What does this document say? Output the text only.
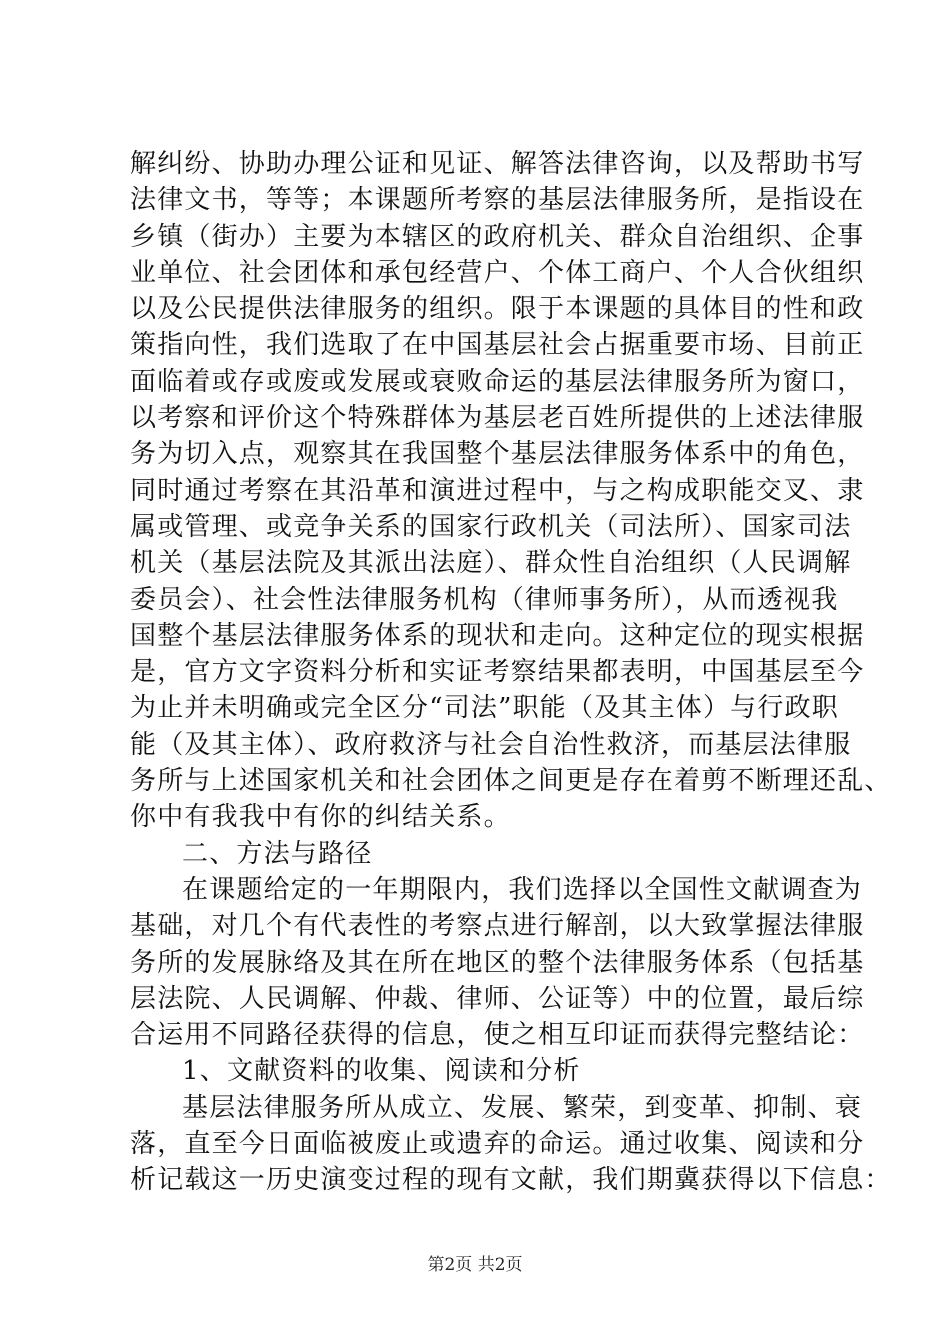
解纠纷、协助办理公证和见证、解答法律咨询，以及帮助书写
法律文书，等等；本课题所考察的基层法律服务所，是指设在
乡镇（街办）主要为本辖区的政府机关、群众自治组织、企事
业单位、社会团体和承包经营户、个体工商户、个人合伙组织
以及公民提供法律服务的组织。限于本课题的具体目的性和政
策指向性，我们选取了在中国基层社会占据重要市场、目前正
面临着或存或废或发展或衰败命运的基层法律服务所为窗口，
以考察和评价这个特殊群体为基层老百姓所提供的上述法律服
务为切入点，观察其在我国整个基层法律服务体系中的角色，
同时通过考察在其沿革和演进过程中，与之构成职能交叉、隶
属或管理、或竞争关系的国家行政机关（司法所）、国家司法
机关（基层法院及其派出法庭）、群众性自治组织（人民调解
委员会）、社会性法律服务机构（律师事务所），从而透视我
国整个基层法律服务体系的现状和走向。这种定位的现实根据
是，官方文字资料分析和实证考察结果都表明，中国基层至今
为止并未明确或完全区分“司法”职能（及其主体）与行政职
能（及其主体）、政府救济与社会自治性救济，而基层法律服
务所与上述国家机关和社会团体之间更是存在着剪不断理还乱、
你中有我我中有你的纠结关系。
二、方法与路径
在课题给定的一年期限内，我们选择以全国性文献调查为
基础，对几个有代表性的考察点进行解剖，以大致掌握法律服
务所的发展脉络及其在所在地区的整个法律服务体系（包括基
层法院、人民调解、仲裁、律师、公证等）中的位置，最后综
合运用不同路径获得的信息，使之相互印证而获得完整结论：
1、文献资料的收集、阅读和分析
基层法律服务所从成立、发展、繁荣，到变革、抑制、衰
落，直至今日面临被废止或遗弃的命运。通过收集、阅读和分
析记载这一历史演变过程的现有文献，我们期冀获得以下信息：
第2页 共2页
